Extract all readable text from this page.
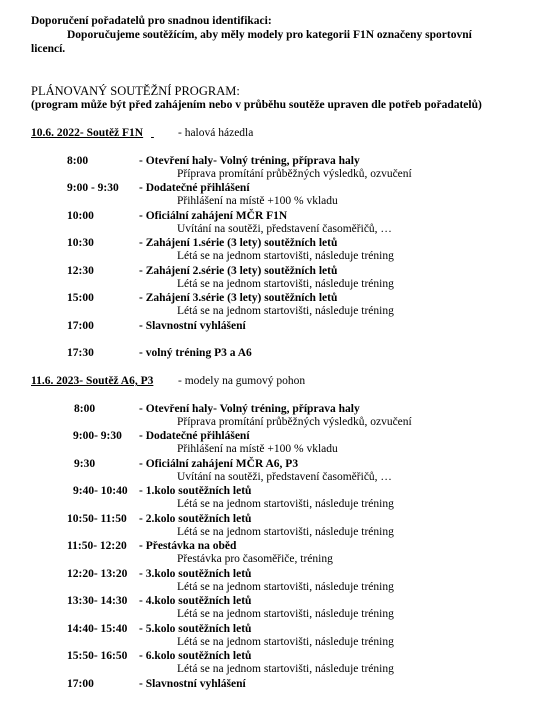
Doporučení pořadatelů pro snadnou identifikaci:
Doporučujeme soutěžícím, aby měly modely pro kategorii F1N označeny sportovní
licencí.
PLÁNOVANÝ SOUTĚŽNÍ PROGRAM:
(program může být před zahájením nebo v průběhu soutěže upraven dle potřeb pořadatelů)
10.6. 2022- Soutěž F1N
	- halová házedla
8:00	- Otevření haly- Volný tréning, příprava haly
Příprava promítání průběžných výsledků, ozvučení
9:00 - 9:30 - Dodatečné přihlášení
Přihlášení na místě +100 % vkladu
10:00	- Oficiální zahájení MČR F1N
Uvítání na soutěži, představení časoměřičů, …
10:30	- Zahájení 1.série (3 lety) soutěžních letů
Létá se na jednom startovišti, následuje tréning
12:30	- Zahájení 2.série (3 lety) soutěžních letů
Létá se na jednom startovišti, následuje tréning
15:00	- Zahájení 3.série (3 lety) soutěžních letů
Létá se na jednom startovišti, následuje tréning
17:00	- Slavnostní vyhlášení
17:30	- volný tréning P3 a A6
11.6. 2023- Soutěž A6, P3 - modely na gumový pohon
8:00	- Otevření haly- Volný tréning, příprava haly
Příprava promítání průběžných výsledků, ozvučení
9:00- 9:30 - Dodatečné přihlášení
Přihlášení na místě +100 % vkladu
9:30	- Oficiální zahájení MČR A6, P3
Uvítání na soutěži, představení časoměřičů, …
9:40- 10:40 - 1.kolo soutěžních letů
Létá se na jednom startovišti, následuje tréning
10:50- 11:50 - 2.kolo soutěžních letů
Létá se na jednom startovišti, následuje tréning
11:50- 12:20 - Přestávka na oběd
Přestávka pro časoměřiče, tréning
12:20- 13:20 - 3.kolo soutěžních letů
Létá se na jednom startovišti, následuje tréning
13:30- 14:30 - 4.kolo soutěžních letů
Létá se na jednom startovišti, následuje tréning
14:40- 15:40 - 5.kolo soutěžních letů
Létá se na jednom startovišti, následuje tréning
15:50- 16:50 - 6.kolo soutěžních letů
Létá se na jednom startovišti, následuje tréning
17:00	- Slavnostní vyhlášení
